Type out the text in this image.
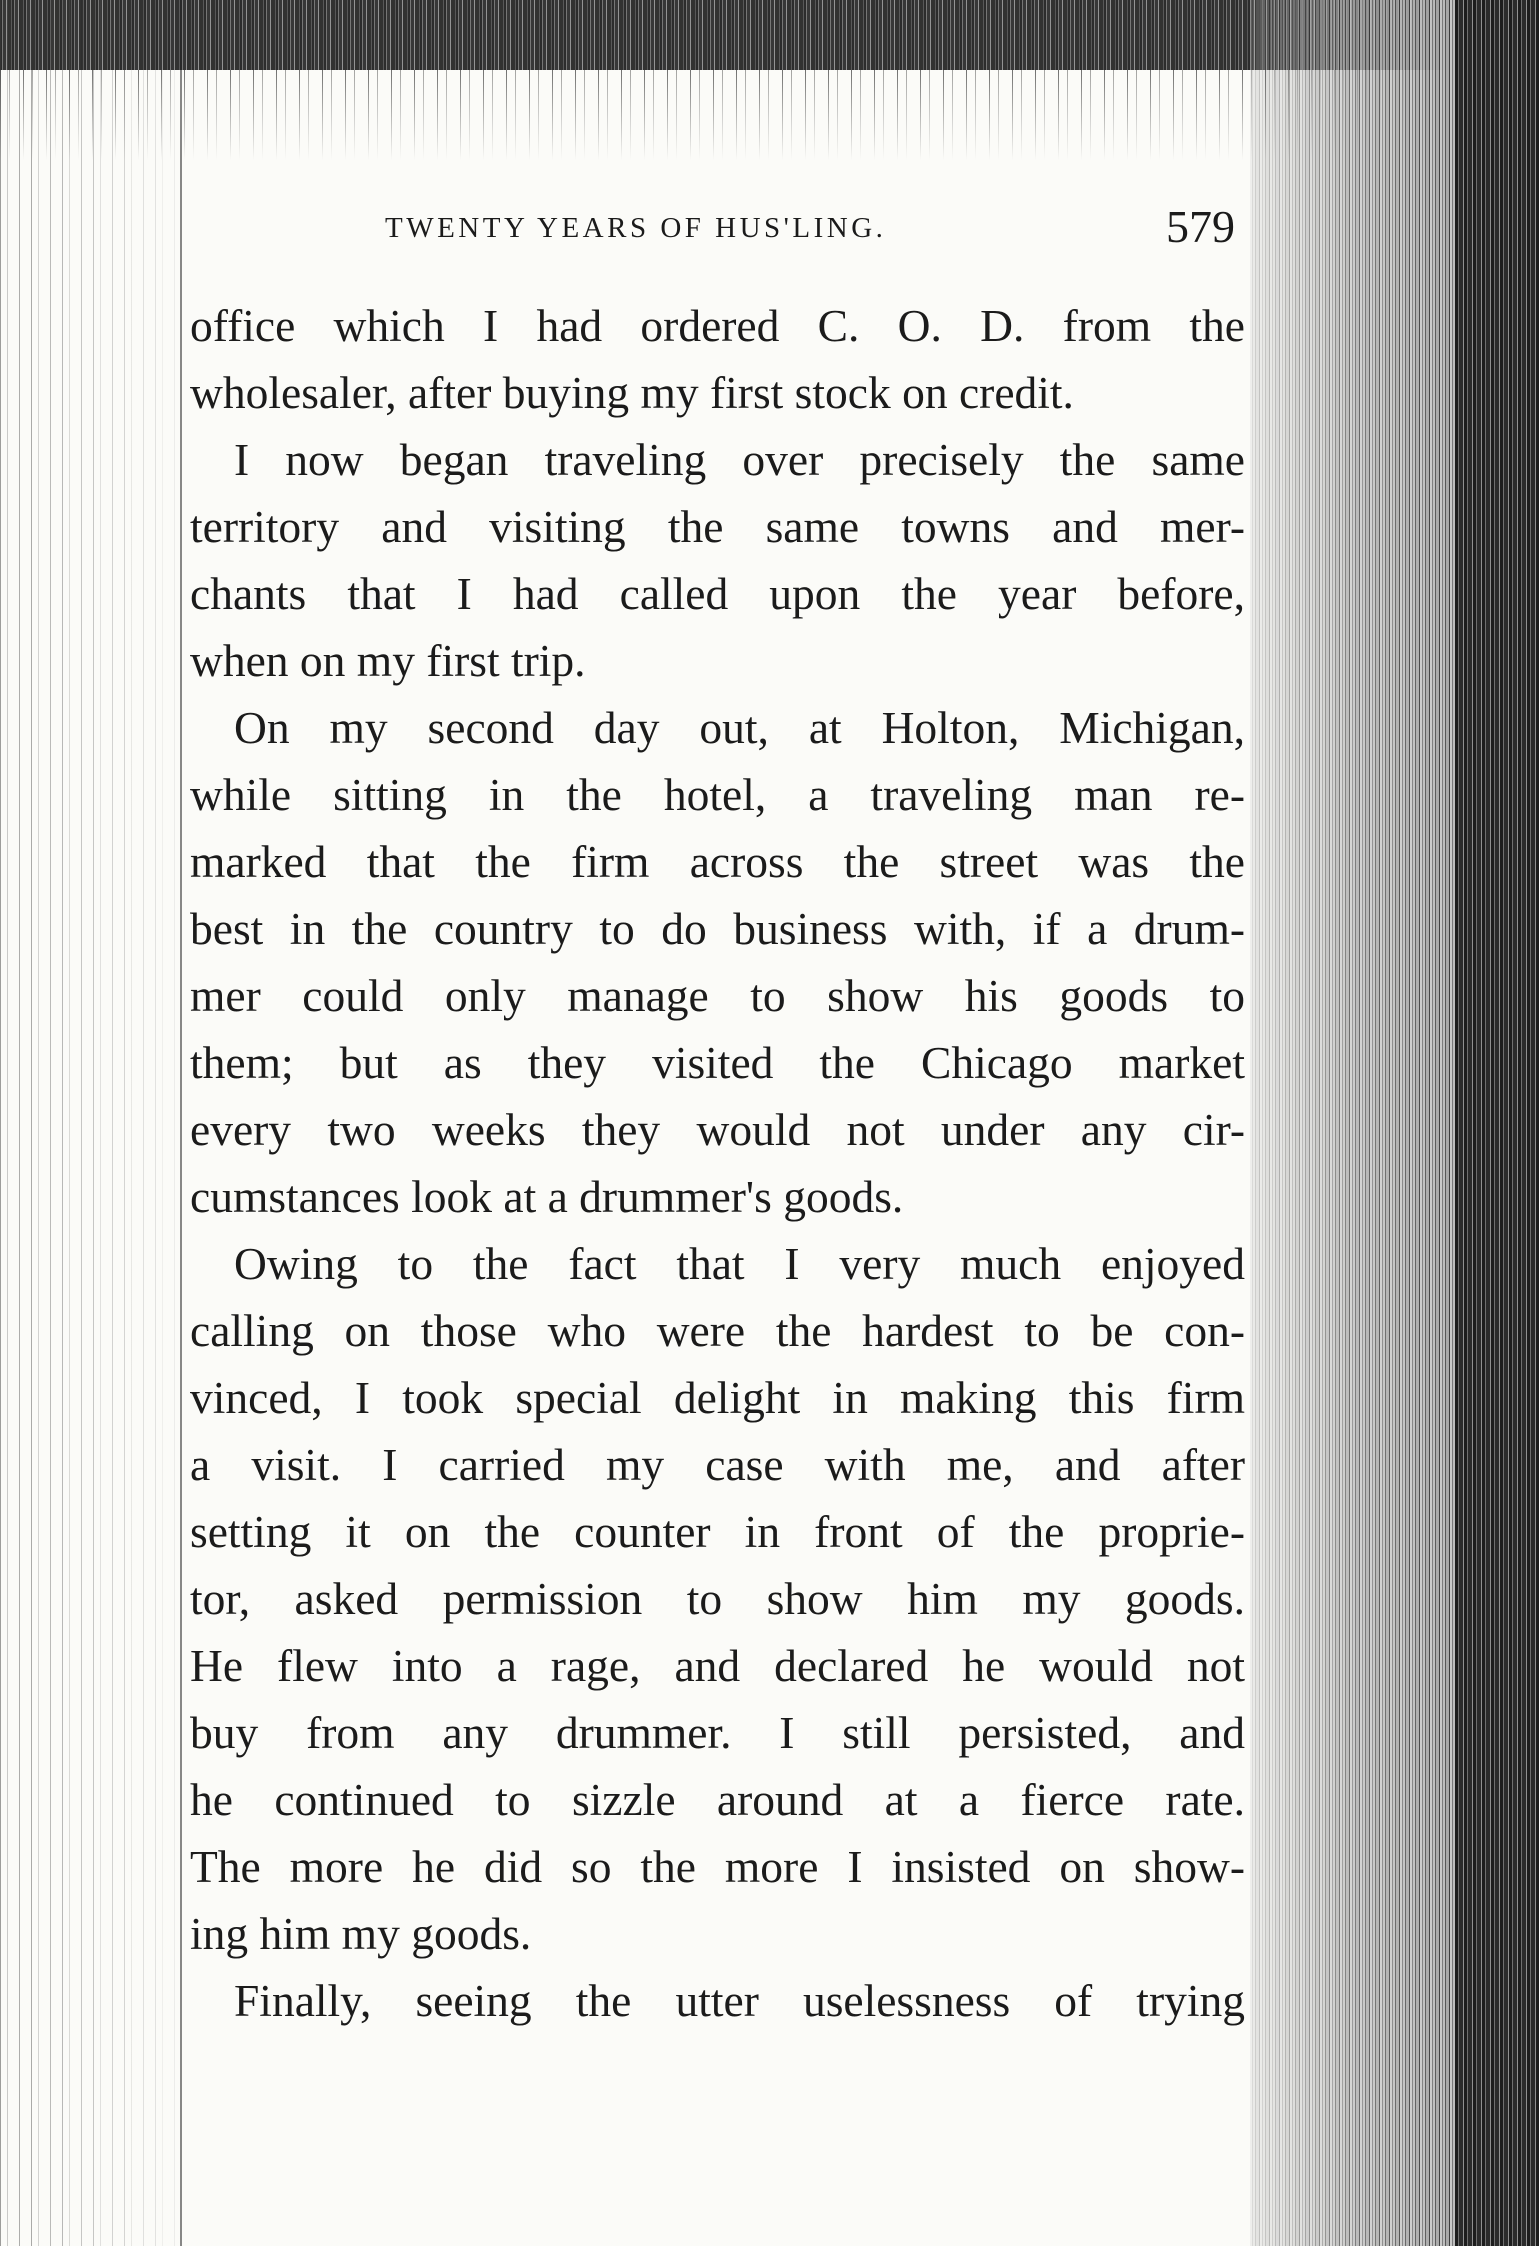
TWENTY YEARS OF HUS'LING.	579
office which I had ordered C. O. D. from the
wholesaler, after buying my first stock on credit.
I now began traveling over precisely the same
territory and visiting the same towns and mer-
chants that I had called upon the year before,
when on my first trip.
On my second day out, at Holton, Michigan,
while sitting in the hotel, a traveling man re-
marked that the firm across the street was the
best in the country to do business with, if a drum-
mer could only manage to show his goods to
them; but as they visited the Chicago market
every two weeks they would not under any cir-
cumstances look at a drummer's goods.
Owing to the fact that I very much enjoyed
calling on those who were the hardest to be con-
vinced, I took special delight in making this firm
a visit. I carried my case with me, and after
setting it on the counter in front of the proprie-
tor, asked permission to show him my goods.
He flew into a rage, and declared he would not
buy from any drummer. I still persisted, and
he continued to sizzle around at a fierce rate.
The more he did so the more I insisted on show-
ing him my goods.
Finally, seeing the utter uselessness of trying
